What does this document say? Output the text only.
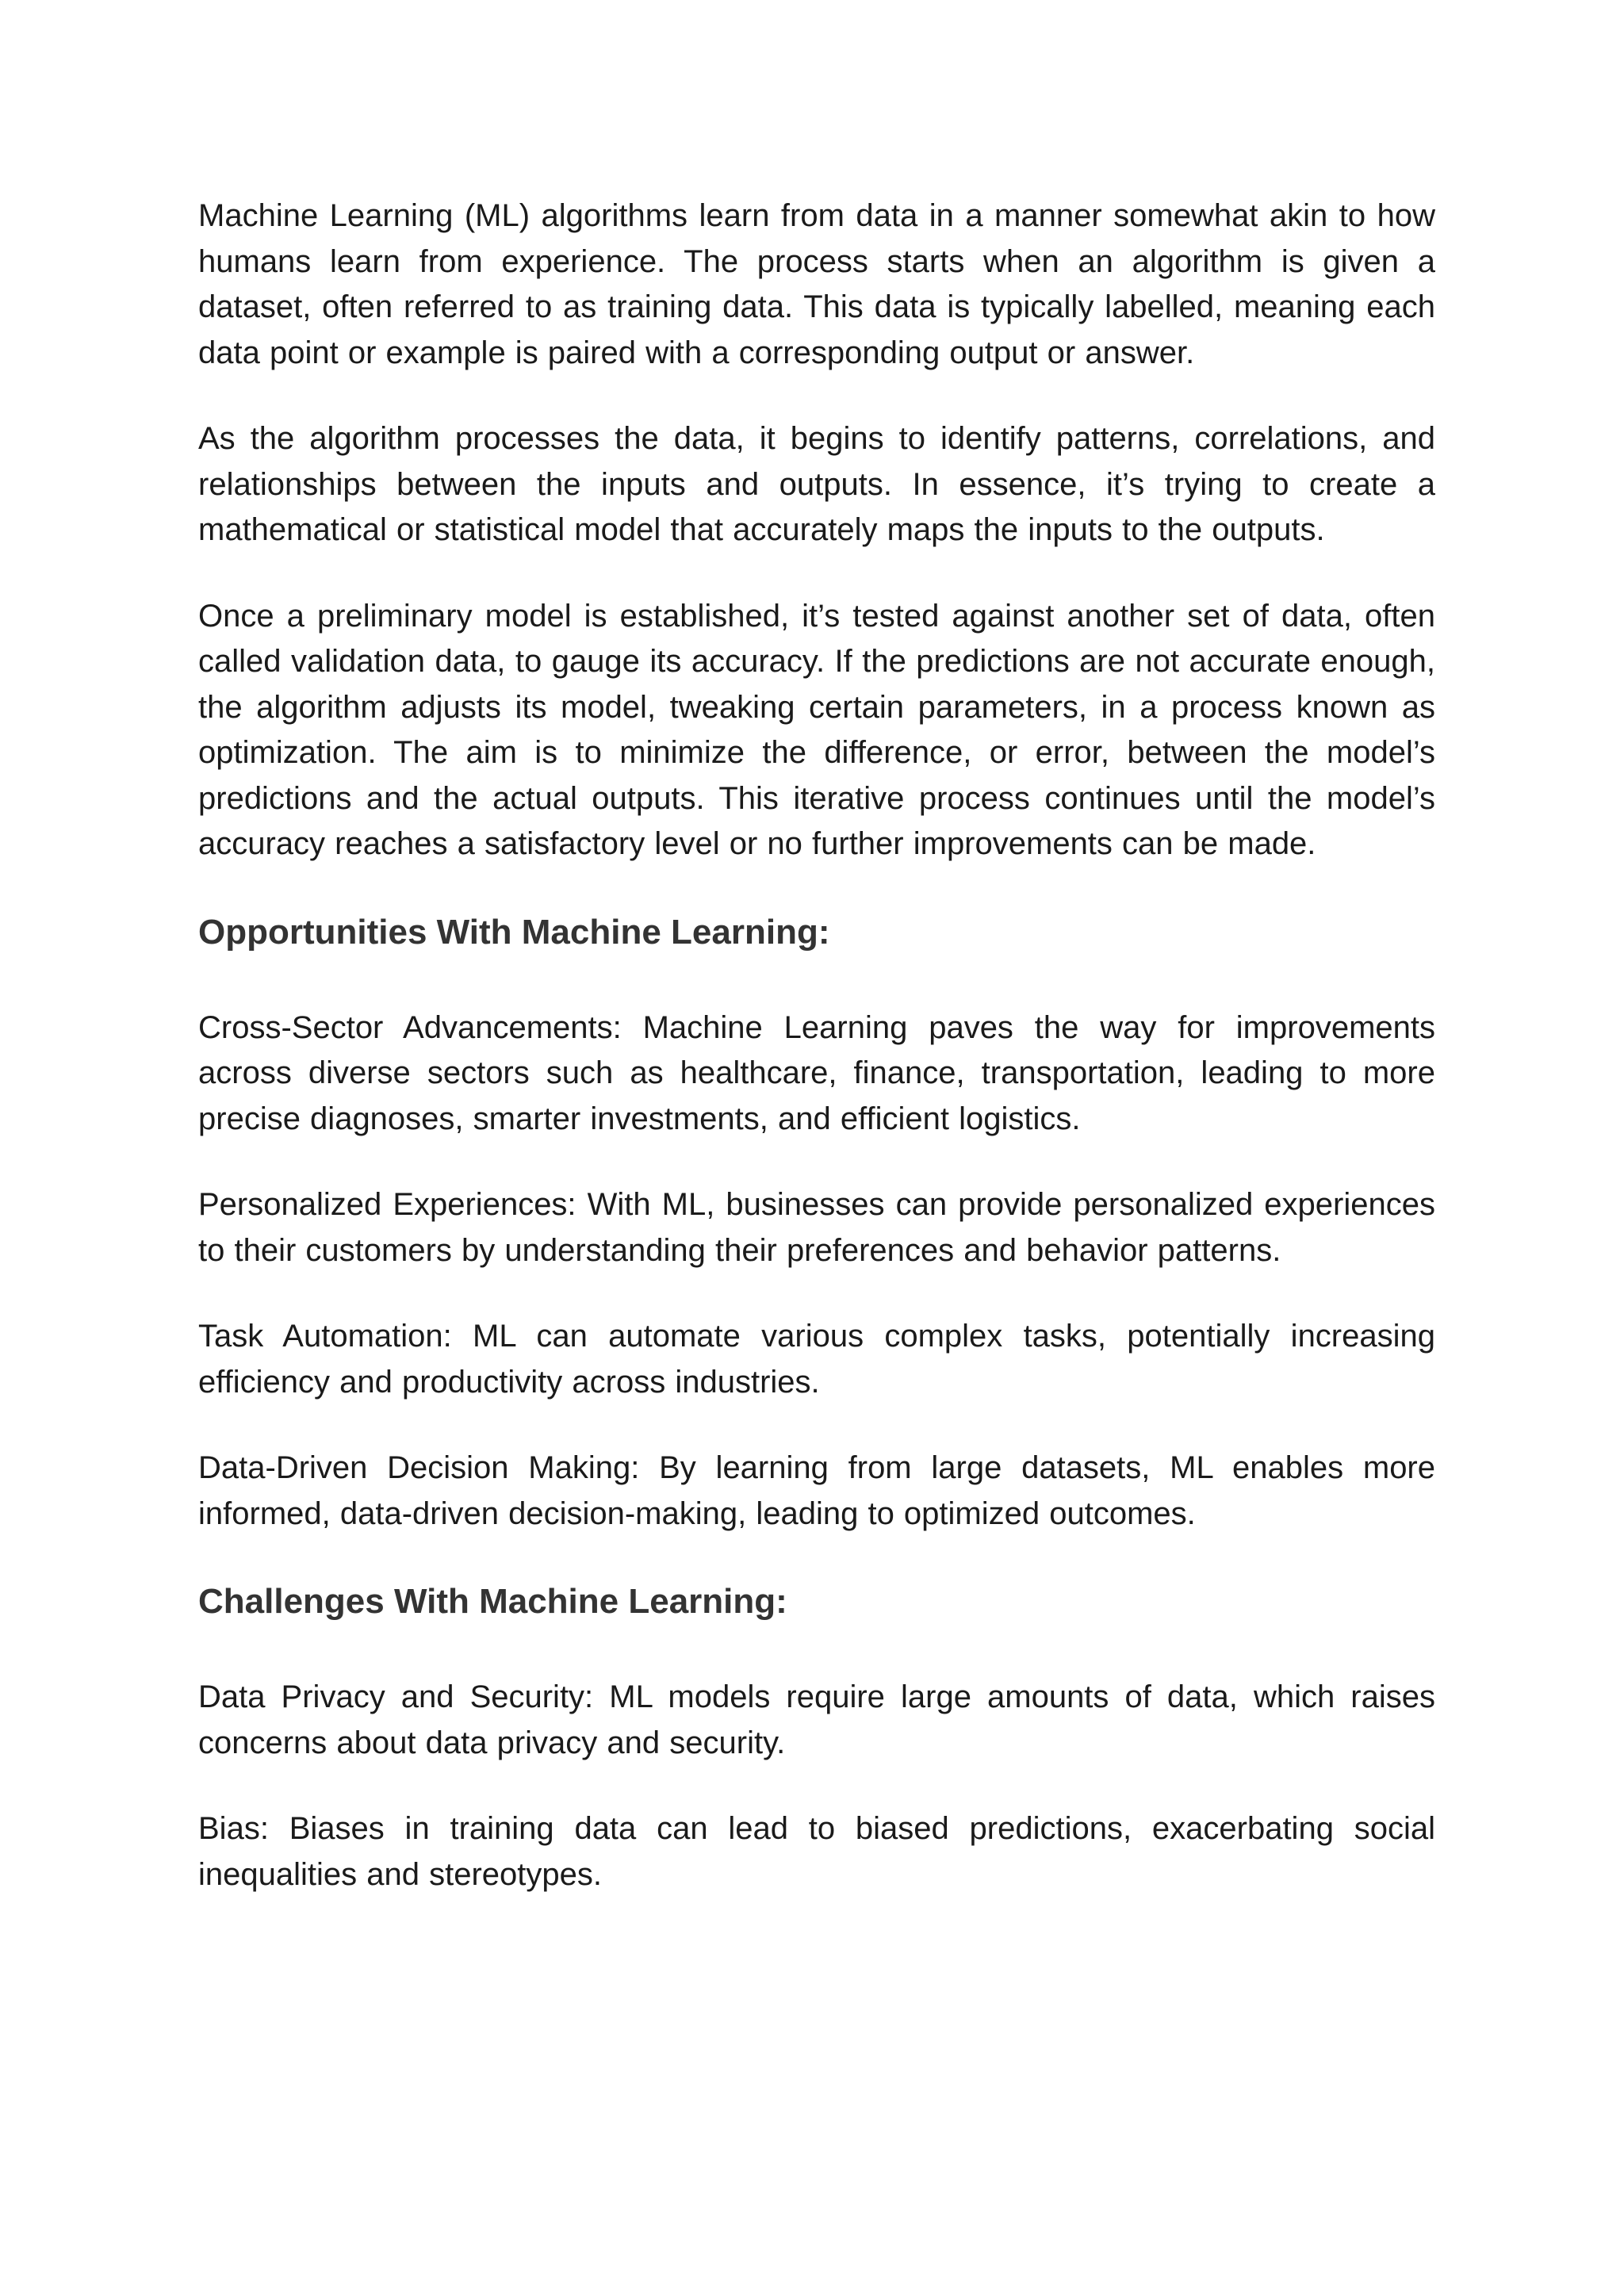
Machine Learning (ML) algorithms learn from data in a manner somewhat akin to how humans learn from experience. The process starts when an algorithm is given a dataset, often referred to as training data. This data is typically labelled, meaning each data point or example is paired with a corresponding output or answer.

As the algorithm processes the data, it begins to identify patterns, correlations, and relationships between the inputs and outputs. In essence, it’s trying to create a mathematical or statistical model that accurately maps the inputs to the outputs.

Once a preliminary model is established, it’s tested against another set of data, often called validation data, to gauge its accuracy. If the predictions are not accurate enough, the algorithm adjusts its model, tweaking certain parameters, in a process known as optimization. The aim is to minimize the difference, or error, between the model’s predictions and the actual outputs. This iterative process continues until the model’s accuracy reaches a satisfactory level or no further improvements can be made.

Opportunities With Machine Learning:

Cross-Sector Advancements: Machine Learning paves the way for improvements across diverse sectors such as healthcare, finance, transportation, leading to more precise diagnoses, smarter investments, and efficient logistics.

Personalized Experiences: With ML, businesses can provide personalized experiences to their customers by understanding their preferences and behavior patterns.

Task Automation: ML can automate various complex tasks, potentially increasing efficiency and productivity across industries.

Data-Driven Decision Making: By learning from large datasets, ML enables more informed, data-driven decision-making, leading to optimized outcomes.

Challenges With Machine Learning:

Data Privacy and Security: ML models require large amounts of data, which raises concerns about data privacy and security.

Bias: Biases in training data can lead to biased predictions, exacerbating social inequalities and stereotypes.
